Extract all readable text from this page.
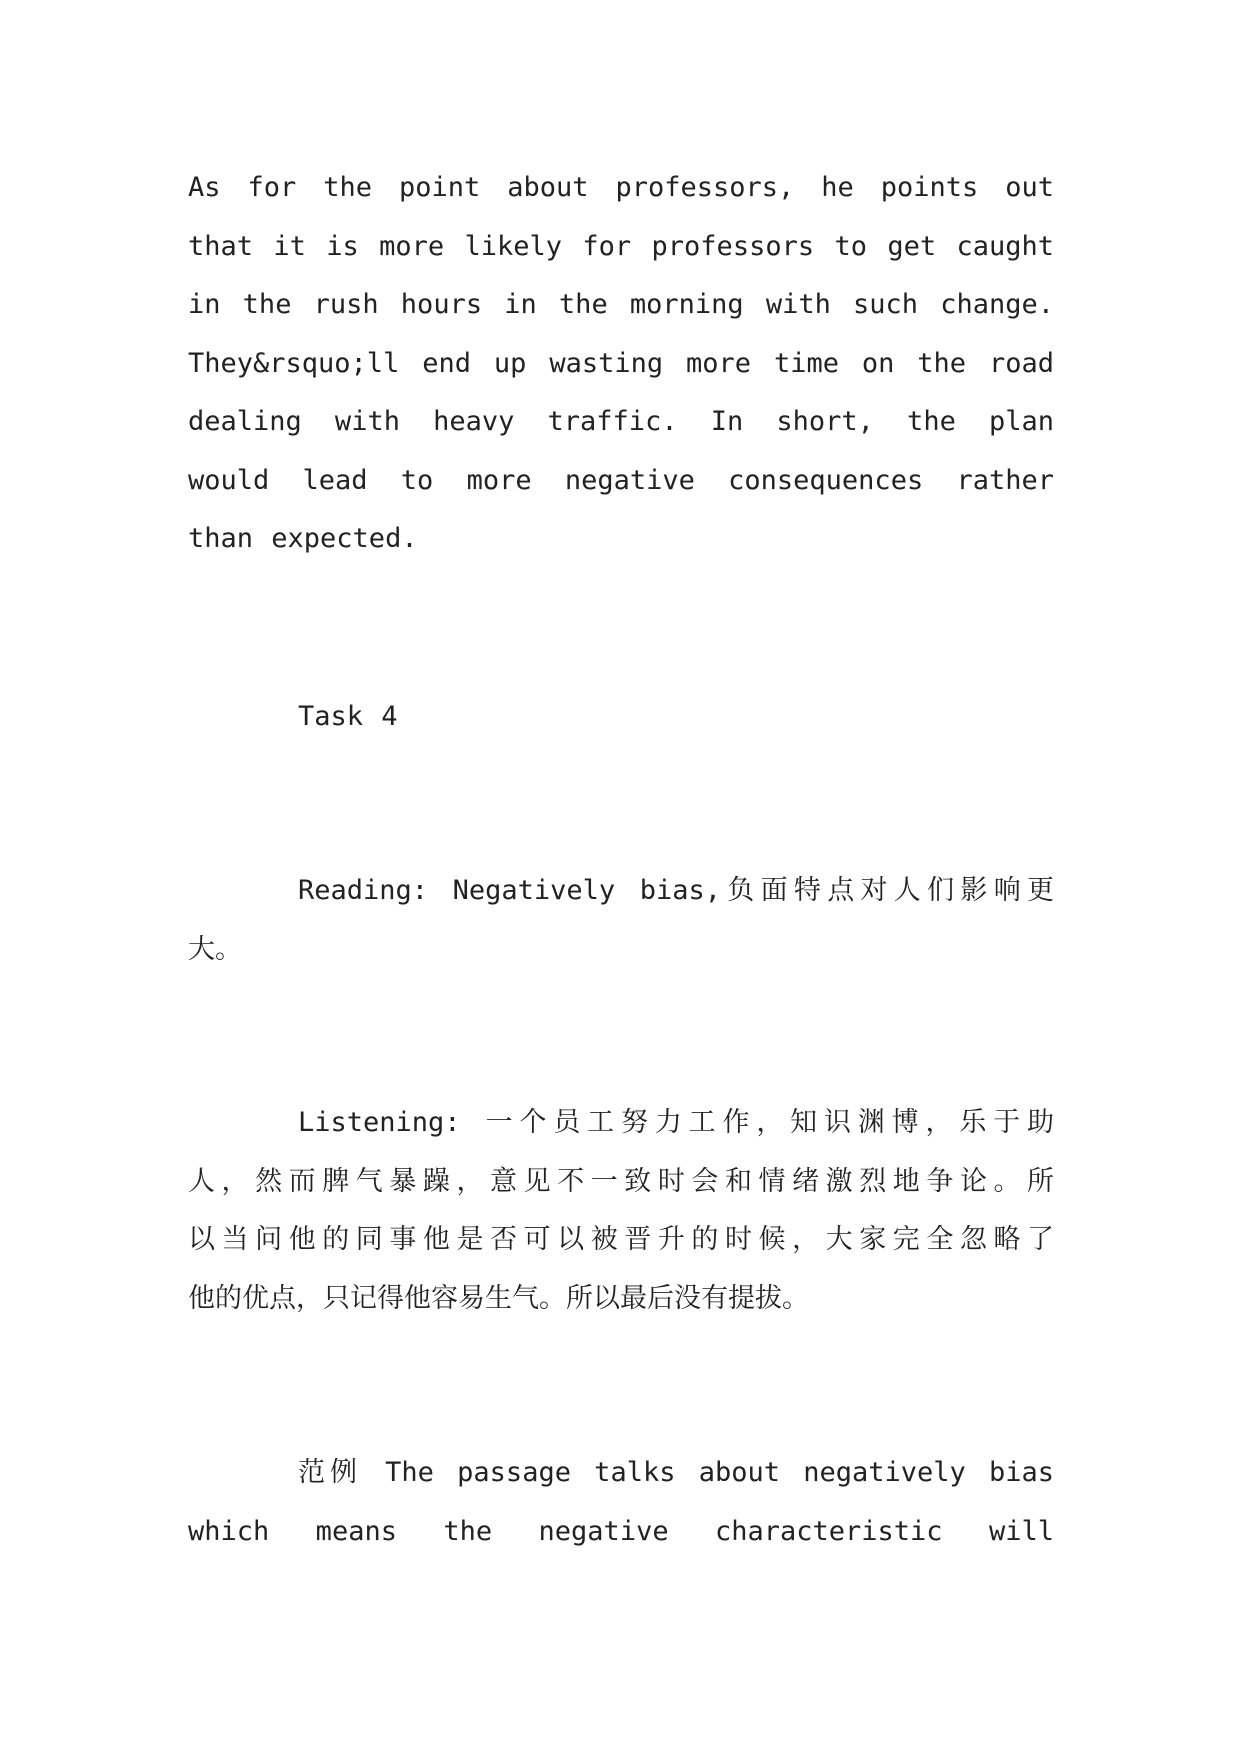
As for the point about professors, he points out
that it is more likely for professors to get caught
in the rush hours in the morning with such change.
They&rsquo;ll end up wasting more time on the road
dealing with heavy traffic. In short, the plan
would lead to more negative consequences rather
than expected.
Task 4
Reading: Negatively bias,负面特点对人们影响更
大。
Listening: 一个员工努力工作，知识渊博，乐于助
人，然而脾气暴躁，意见不一致时会和情绪激烈地争论。所
以当问他的同事他是否可以被晋升的时候，大家完全忽略了
他的优点，只记得他容易生气。所以最后没有提拔。
范例 The passage talks about negatively bias
which means the negative characteristic will
